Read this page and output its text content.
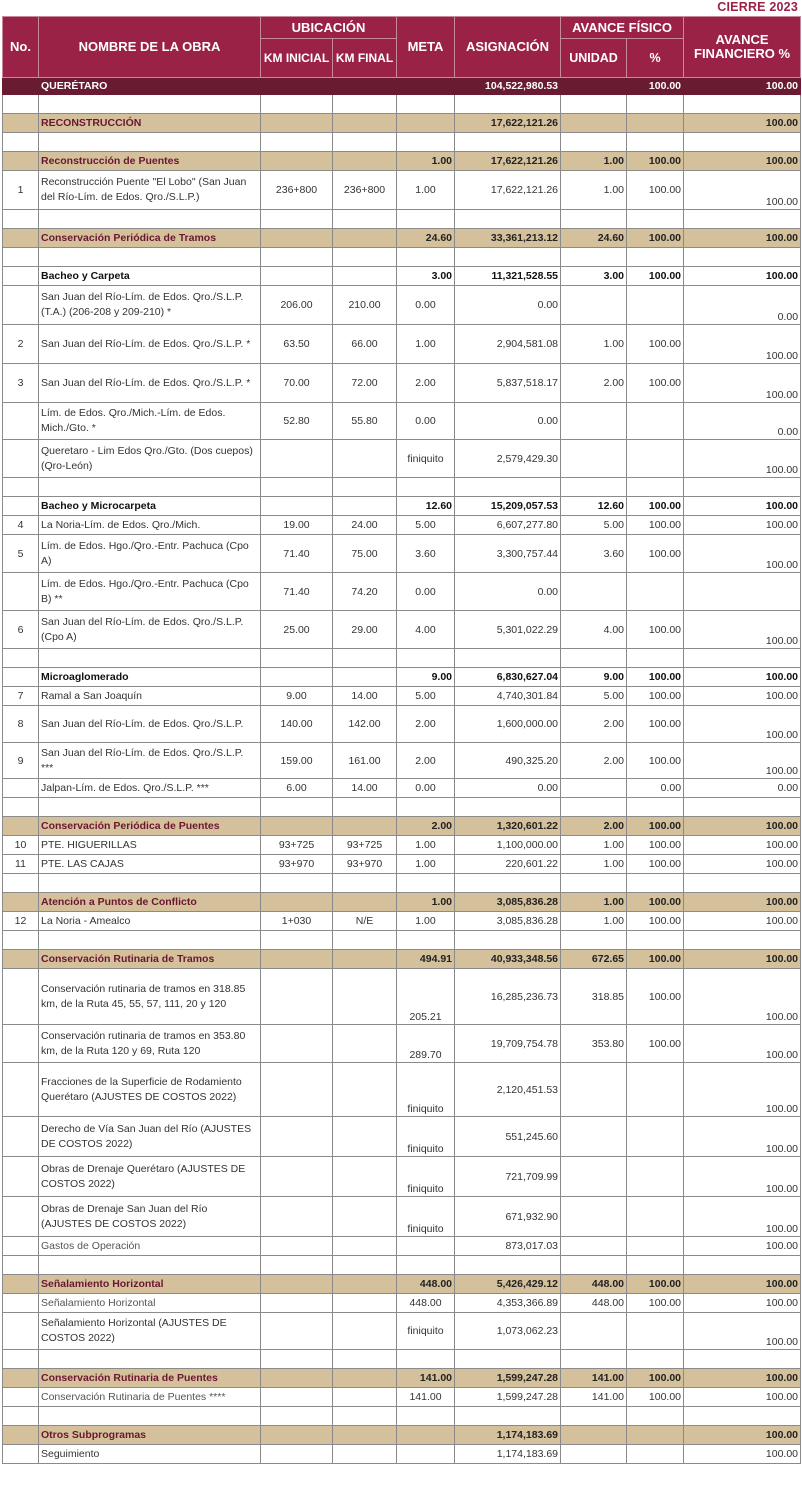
CIERRE 2023
No.	NOMBRE DE LA OBRA	UBICACIÓN		META	ASIGNACIÓN	AVANCE FÍSICO		AVANCE FINANCIERO %
		KM INICIAL	KM FINAL			UNIDAD	%	
	QUERÉTARO				104,522,980.53		100.00	100.00

	RECONSTRUCCIÓN				17,622,121.26			100.00

	Reconstrucción de Puentes			1.00	17,622,121.26	1.00	100.00	100.00
1	Reconstrucción Puente "El Lobo" (San Juan del Río-Lím. de Edos. Qro./S.L.P.)	236+800	236+800	1.00	17,622,121.26	1.00	100.00	100.00

	Conservación Periódica de Tramos			24.60	33,361,213.12	24.60	100.00	100.00

	Bacheo y Carpeta			3.00	11,321,528.55	3.00	100.00	100.00
	San Juan del Río-Lím. de Edos. Qro./S.L.P. (T.A.) (206-208 y 209-210) *	206.00	210.00	0.00	0.00			0.00
2	San Juan del Río-Lím. de Edos. Qro./S.L.P. *	63.50	66.00	1.00	2,904,581.08	1.00	100.00	100.00
3	San Juan del Río-Lím. de Edos. Qro./S.L.P. *	70.00	72.00	2.00	5,837,518.17	2.00	100.00	100.00
	Lím. de Edos. Qro./Mich.-Lím. de Edos. Mich./Gto. *	52.80	55.80	0.00	0.00			0.00
	Queretaro - Lim Edos Qro./Gto. (Dos cuepos) (Qro-León)			finiquito	2,579,429.30			100.00

	Bacheo y Microcarpeta			12.60	15,209,057.53	12.60	100.00	100.00
4	La Noria-Lím. de Edos. Qro./Mich.	19.00	24.00	5.00	6,607,277.80	5.00	100.00	100.00
5	Lím. de Edos. Hgo./Qro.-Entr. Pachuca (Cpo A)	71.40	75.00	3.60	3,300,757.44	3.60	100.00	100.00
	Lím. de Edos. Hgo./Qro.-Entr. Pachuca (Cpo B) **	71.40	74.20	0.00	0.00			
6	San Juan del Río-Lím. de Edos. Qro./S.L.P. (Cpo A)	25.00	29.00	4.00	5,301,022.29	4.00	100.00	100.00

	Microaglomerado			9.00	6,830,627.04	9.00	100.00	100.00
7	Ramal a San Joaquín	9.00	14.00	5.00	4,740,301.84	5.00	100.00	100.00
8	San Juan del Río-Lím. de Edos. Qro./S.L.P.	140.00	142.00	2.00	1,600,000.00	2.00	100.00	100.00
9	San Juan del Río-Lím. de Edos. Qro./S.L.P. ***	159.00	161.00	2.00	490,325.20	2.00	100.00	100.00
	Jalpan-Lím. de Edos. Qro./S.L.P. ***	6.00	14.00	0.00	0.00		0.00	0.00

	Conservación Periódica de Puentes			2.00	1,320,601.22	2.00	100.00	100.00
10	PTE. HIGUERILLAS	93+725	93+725	1.00	1,100,000.00	1.00	100.00	100.00
11	PTE. LAS CAJAS	93+970	93+970	1.00	220,601.22	1.00	100.00	100.00

	Atención a Puntos de Conflicto			1.00	3,085,836.28	1.00	100.00	100.00
12	La Noria - Amealco	1+030	N/E	1.00	3,085,836.28	1.00	100.00	100.00

	Conservación Rutinaria de Tramos			494.91	40,933,348.56	672.65	100.00	100.00
	Conservación rutinaria de tramos en 318.85 km, de la Ruta 45, 55, 57, 111, 20 y 120			205.21	16,285,236.73	318.85	100.00	100.00
	Conservación rutinaria de tramos en 353.80 km, de la Ruta 120 y 69, Ruta 120			289.70	19,709,754.78	353.80	100.00	100.00
	Fracciones de la Superficie de Rodamiento Querétaro (AJUSTES DE COSTOS 2022)			finiquito	2,120,451.53			100.00
	Derecho de Vía San Juan del Río (AJUSTES DE COSTOS 2022)			finiquito	551,245.60			100.00
	Obras de Drenaje Querétaro (AJUSTES DE COSTOS 2022)			finiquito	721,709.99			100.00
	Obras de Drenaje San Juan del Río (AJUSTES DE COSTOS 2022)			finiquito	671,932.90			100.00
	Gastos de Operación				873,017.03			100.00

	Señalamiento Horizontal			448.00	5,426,429.12	448.00	100.00	100.00
	Señalamiento Horizontal			448.00	4,353,366.89	448.00	100.00	100.00
	Señalamiento Horizontal (AJUSTES DE COSTOS 2022)			finiquito	1,073,062.23			100.00

	Conservación Rutinaria de Puentes			141.00	1,599,247.28	141.00	100.00	100.00
	Conservación Rutinaria de Puentes ****			141.00	1,599,247.28	141.00	100.00	100.00

	Otros Subprogramas				1,174,183.69			100.00
	Seguimiento				1,174,183.69			100.00
